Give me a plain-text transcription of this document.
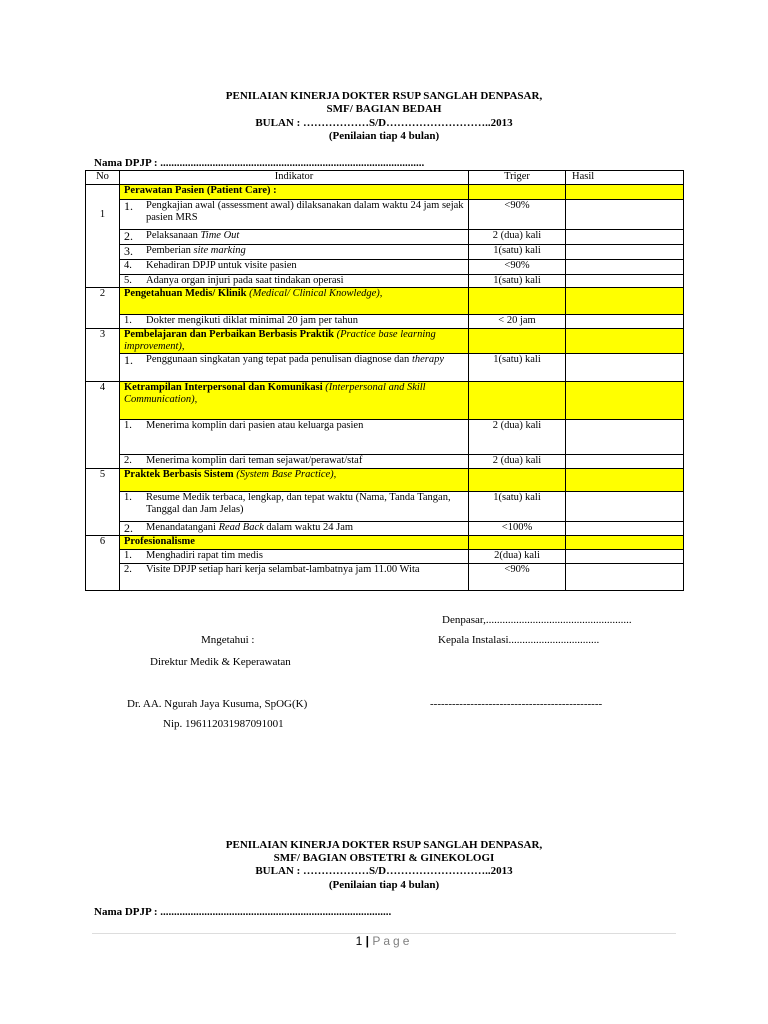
PENILAIAN KINERJA DOKTER RSUP SANGLAH DENPASAR,
SMF/ BAGIAN BEDAH
BULAN : ………………S/D………………………..2013
(Penilaian tiap 4 bulan)
Nama DPJP : ................................................................................................
No	Indikator	Triger	Hasil
1	Perawatan Pasien (Patient Care) :		

	1. Pengkajian awal (assessment awal) dilaksanakan dalam waktu 24 jam sejak pasien MRS	<90%	

	2. Pelaksanaan Time Out	2 (dua) kali	

	3. Pemberian site marking	1(satu) kali	

	4. Kehadiran DPJP untuk visite pasien	<90%	

	5. Adanya organ injuri pada saat tindakan operasi	1(satu) kali	
2	Pengetahuan Medis/ Klinik (Medical/ Clinical Knowledge),		

	1. Dokter mengikuti diklat minimal 20 jam per tahun	< 20 jam	
3	Pembelajaran dan Perbaikan Berbasis Praktik (Practice base learning improvement),		

	1. Penggunaan singkatan yang tepat pada penulisan diagnose dan therapy	1(satu) kali	
4	Ketrampilan Interpersonal dan Komunikasi (Interpersonal and Skill Communication),		

	1. Menerima komplin dari pasien atau keluarga pasien	2 (dua) kali	

	2. Menerima komplin dari teman sejawat/perawat/staf	2 (dua) kali	
5	Praktek Berbasis Sistem (System Base Practice),		

	1. Resume Medik terbaca, lengkap, dan tepat waktu (Nama, Tanda Tangan, Tanggal dan Jam Jelas)	1(satu) kali	

	2. Menandatangani Read Back dalam waktu 24 Jam	<100%	
6	Profesionalisme		

	1. Menghadiri rapat tim medis	2(dua) kali	

	2. Visite DPJP setiap hari kerja selambat-lambatnya jam 11.00 Wita	<90%	
Denpasar,.....................................................
Mngetahui :	Kepala Instalasi.................................
Direktur Medik & Keperawatan
Dr. AA. Ngurah Jaya Kusuma, SpOG(K)	-----------------------------------------------
Nip. 196112031987091001
PENILAIAN KINERJA DOKTER RSUP SANGLAH DENPASAR,
SMF/ BAGIAN OBSTETRI & GINEKOLOGI
BULAN : ………………S/D………………………..2013
(Penilaian tiap 4 bulan)
Nama DPJP : ....................................................................................
1 | Page
